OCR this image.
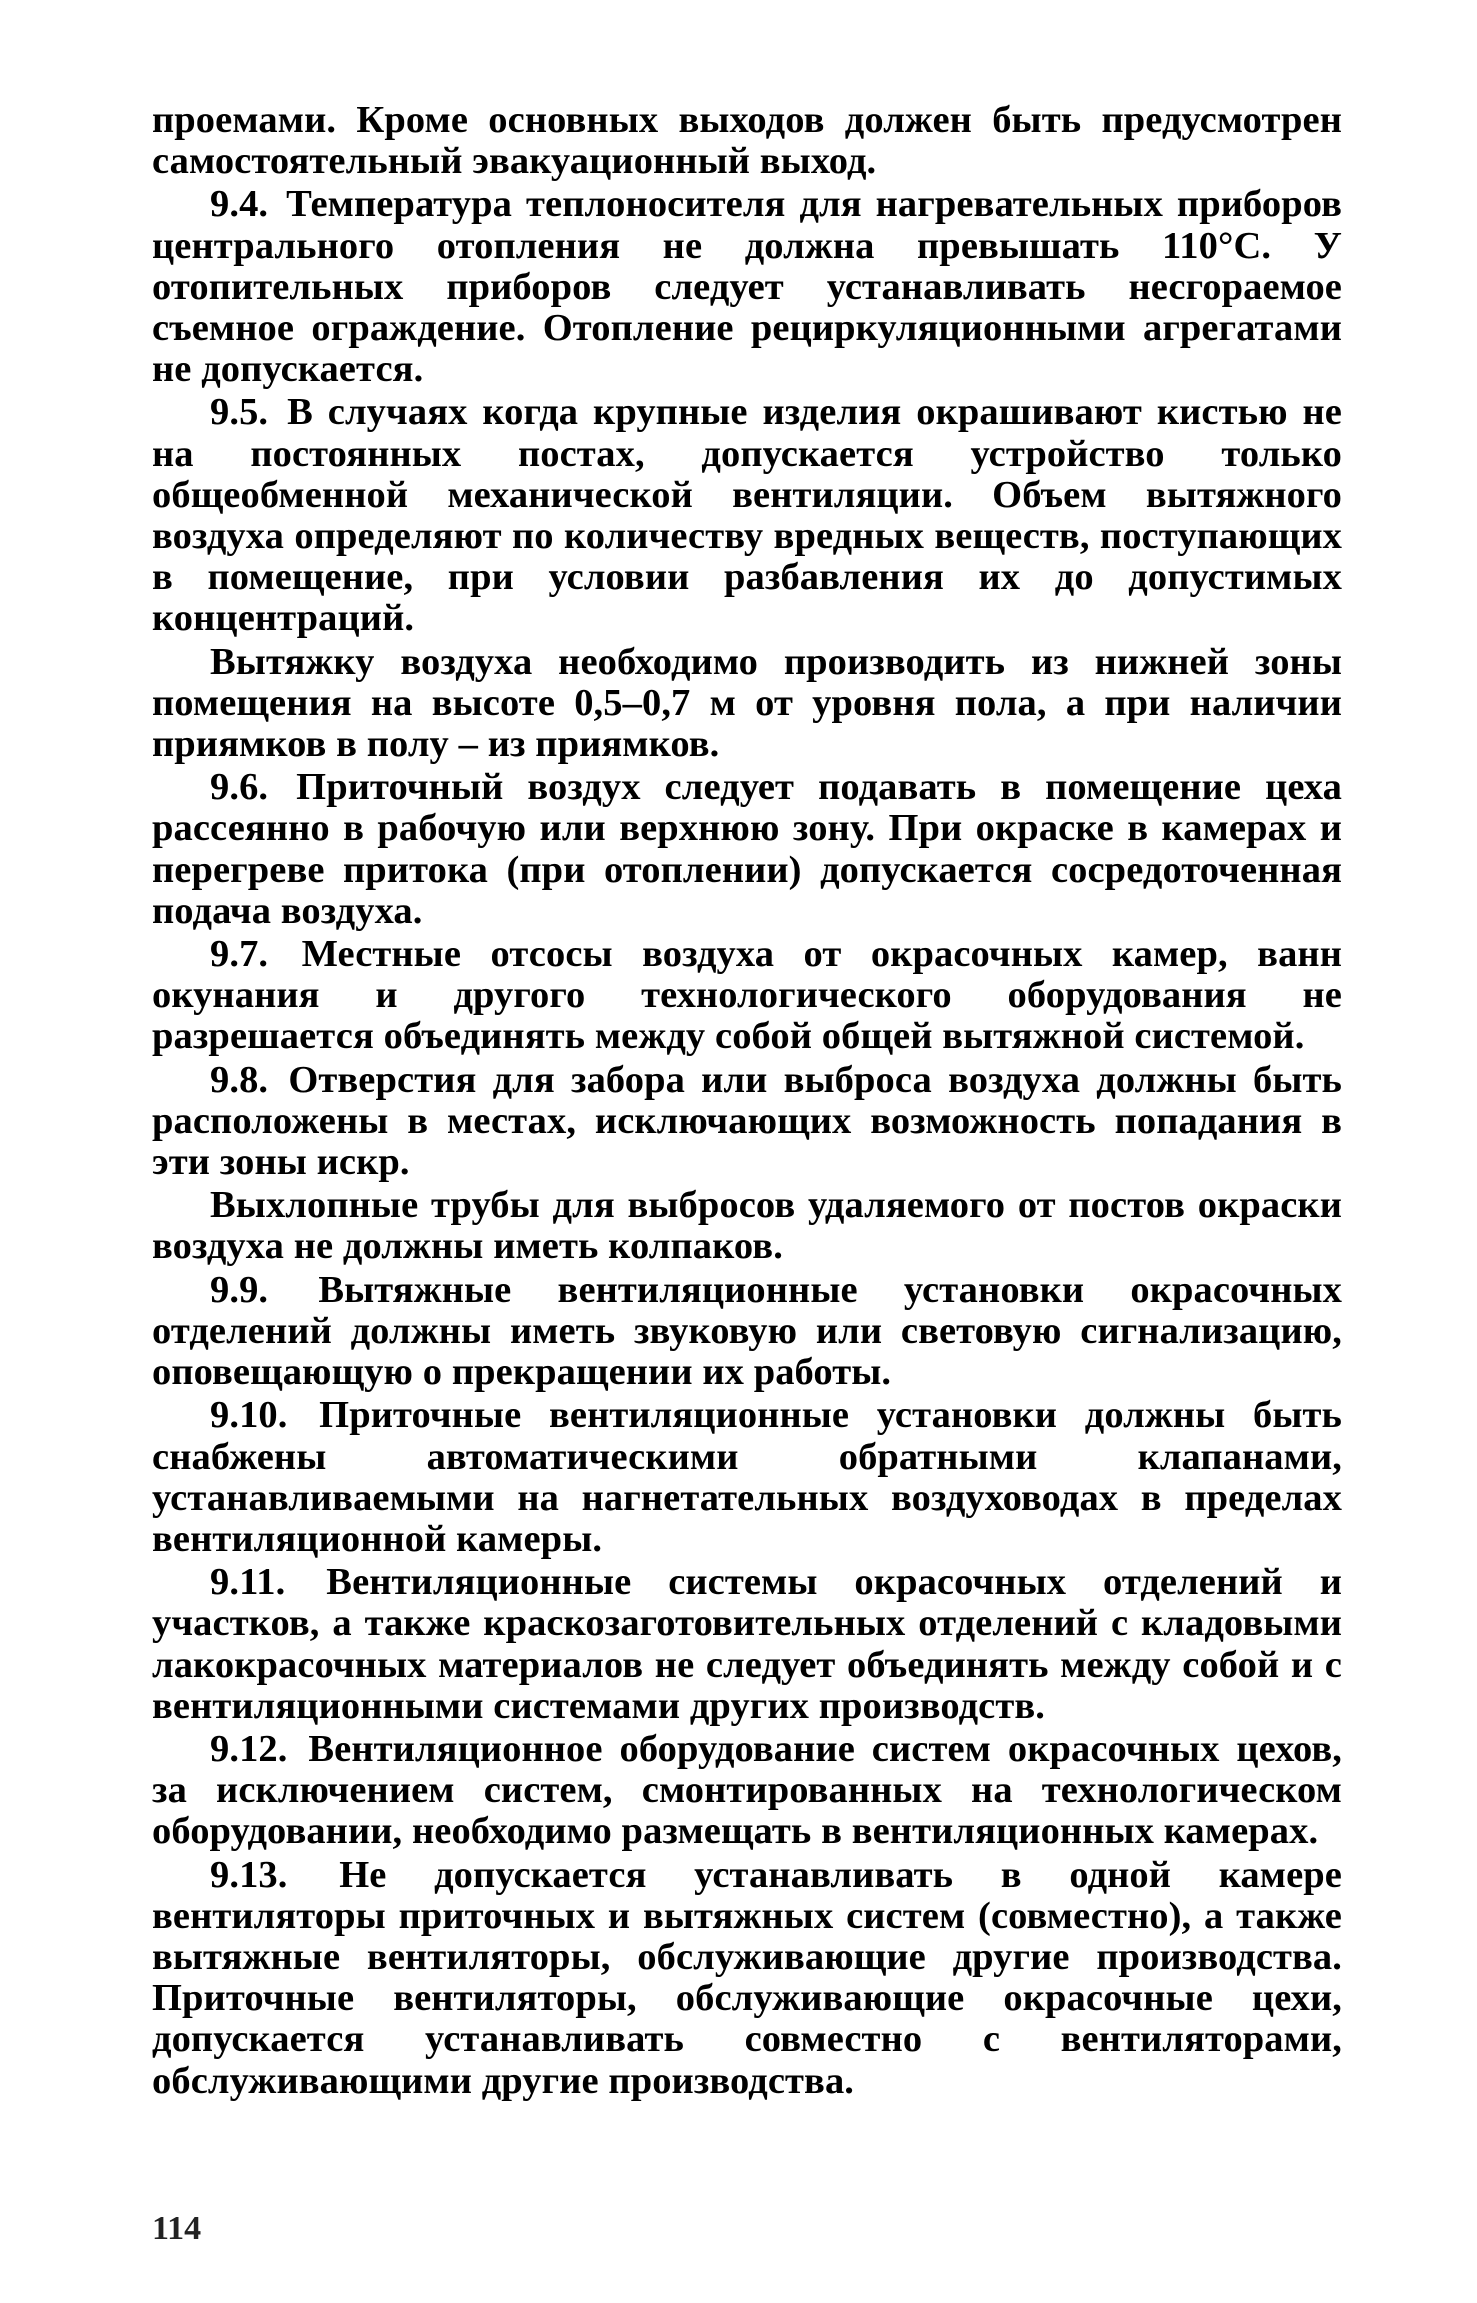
проемами. Кроме основных выходов должен быть предусмотрен самостоятельный эвакуационный выход.

9.4. Температура теплоносителя для нагревательных приборов центрального отопления не должна превышать 110°С. У отопительных приборов следует устанавливать несгораемое съемное ограждение. Отопление рециркуляционными агрегатами не допускается.

9.5. В случаях когда крупные изделия окрашивают кистью не на постоянных постах, допускается устройство только общеобменной механической вентиляции. Объем вытяжного воздуха определяют по количеству вредных веществ, поступающих в помещение, при условии разбавления их до допустимых концентраций.

Вытяжку воздуха необходимо производить из нижней зоны помещения на высоте 0,5–0,7 м от уровня пола, а при наличии приямков в полу – из приямков.

9.6. Приточный воздух следует подавать в помещение цеха рассеянно в рабочую или верхнюю зону. При окраске в камерах и перегреве притока (при отоплении) допускается сосредоточенная подача воздуха.

9.7. Местные отсосы воздуха от окрасочных камер, ванн окунания и другого технологического оборудования не разрешается объединять между собой общей вытяжной системой.

9.8. Отверстия для забора или выброса воздуха должны быть расположены в местах, исключающих возможность попадания в эти зоны искр.

Выхлопные трубы для выбросов удаляемого от постов окраски воздуха не должны иметь колпаков.

9.9. Вытяжные вентиляционные установки окрасочных отделений должны иметь звуковую или световую сигнализацию, оповещающую о прекращении их работы.

9.10. Приточные вентиляционные установки должны быть снабжены автоматическими обратными клапанами, устанавливаемыми на нагнетательных воздуховодах в пределах вентиляционной камеры.

9.11. Вентиляционные системы окрасочных отделений и участков, а также краскозаготовительных отделений с кладовыми лакокрасочных материалов не следует объединять между собой и с вентиляционными системами других производств.

9.12. Вентиляционное оборудование систем окрасочных цехов, за исключением систем, смонтированных на технологическом оборудовании, необходимо размещать в вентиляционных камерах.

9.13. Не допускается устанавливать в одной камере вентиляторы приточных и вытяжных систем (совместно), а также вытяжные вентиляторы, обслуживающие другие производства. Приточные вентиляторы, обслуживающие окрасочные цехи, допускается устанавливать совместно с вентиляторами, обслуживающими другие производства.

114
